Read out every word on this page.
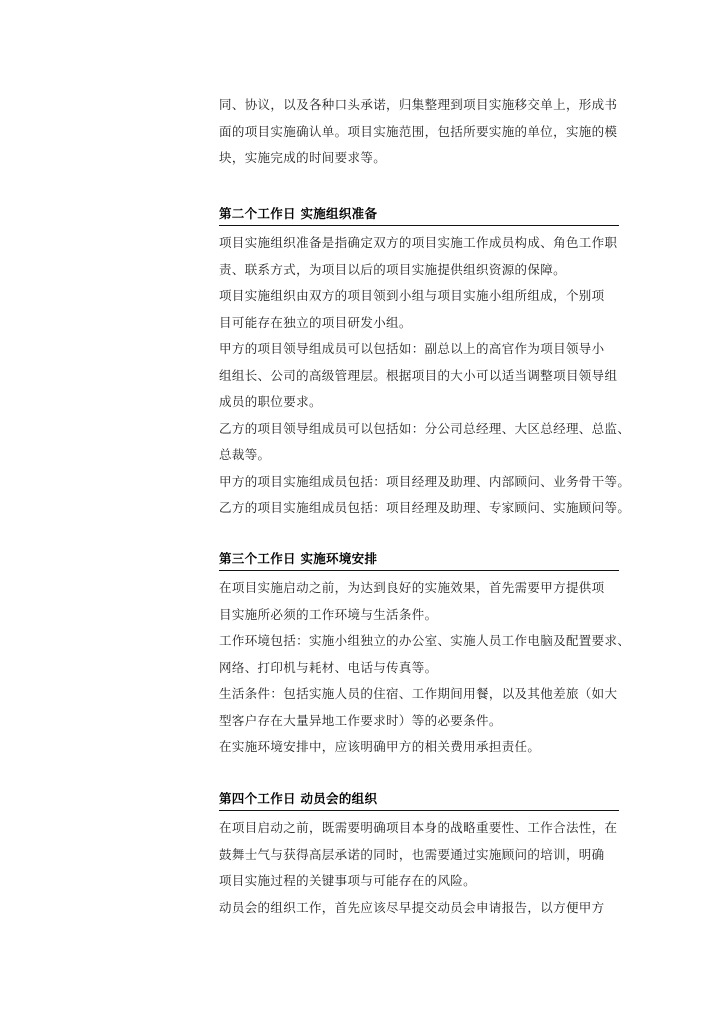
同、协议，以及各种口头承诺，归集整理到项目实施移交单上，形成书
面的项目实施确认单。项目实施范围，包括所要实施的单位，实施的模
块，实施完成的时间要求等。
第二个工作日 实施组织准备
项目实施组织准备是指确定双方的项目实施工作成员构成、角色工作职
责、联系方式，为项目以后的项目实施提供组织资源的保障。
项目实施组织由双方的项目领到小组与项目实施小组所组成，个别项
目可能存在独立的项目研发小组。
甲方的项目领导组成员可以包括如：副总以上的高官作为项目领导小
组组长、公司的高级管理层。根据项目的大小可以适当调整项目领导组
成员的职位要求。
乙方的项目领导组成员可以包括如：分公司总经理、大区总经理、总监、
总裁等。
甲方的项目实施组成员包括：项目经理及助理、内部顾问、业务骨干等。
乙方的项目实施组成员包括：项目经理及助理、专家顾问、实施顾问等。
第三个工作日 实施环境安排
在项目实施启动之前，为达到良好的实施效果，首先需要甲方提供项
目实施所必须的工作环境与生活条件。
工作环境包括：实施小组独立的办公室、实施人员工作电脑及配置要求、
网络、打印机与耗材、电话与传真等。
生活条件：包括实施人员的住宿、工作期间用餐，以及其他差旅（如大
型客户存在大量异地工作要求时）等的必要条件。
在实施环境安排中，应该明确甲方的相关费用承担责任。
第四个工作日 动员会的组织
在项目启动之前，既需要明确项目本身的战略重要性、工作合法性，在
鼓舞士气与获得高层承诺的同时，也需要通过实施顾问的培训，明确
项目实施过程的关键事项与可能存在的风险。
动员会的组织工作，首先应该尽早提交动员会申请报告，以方便甲方
